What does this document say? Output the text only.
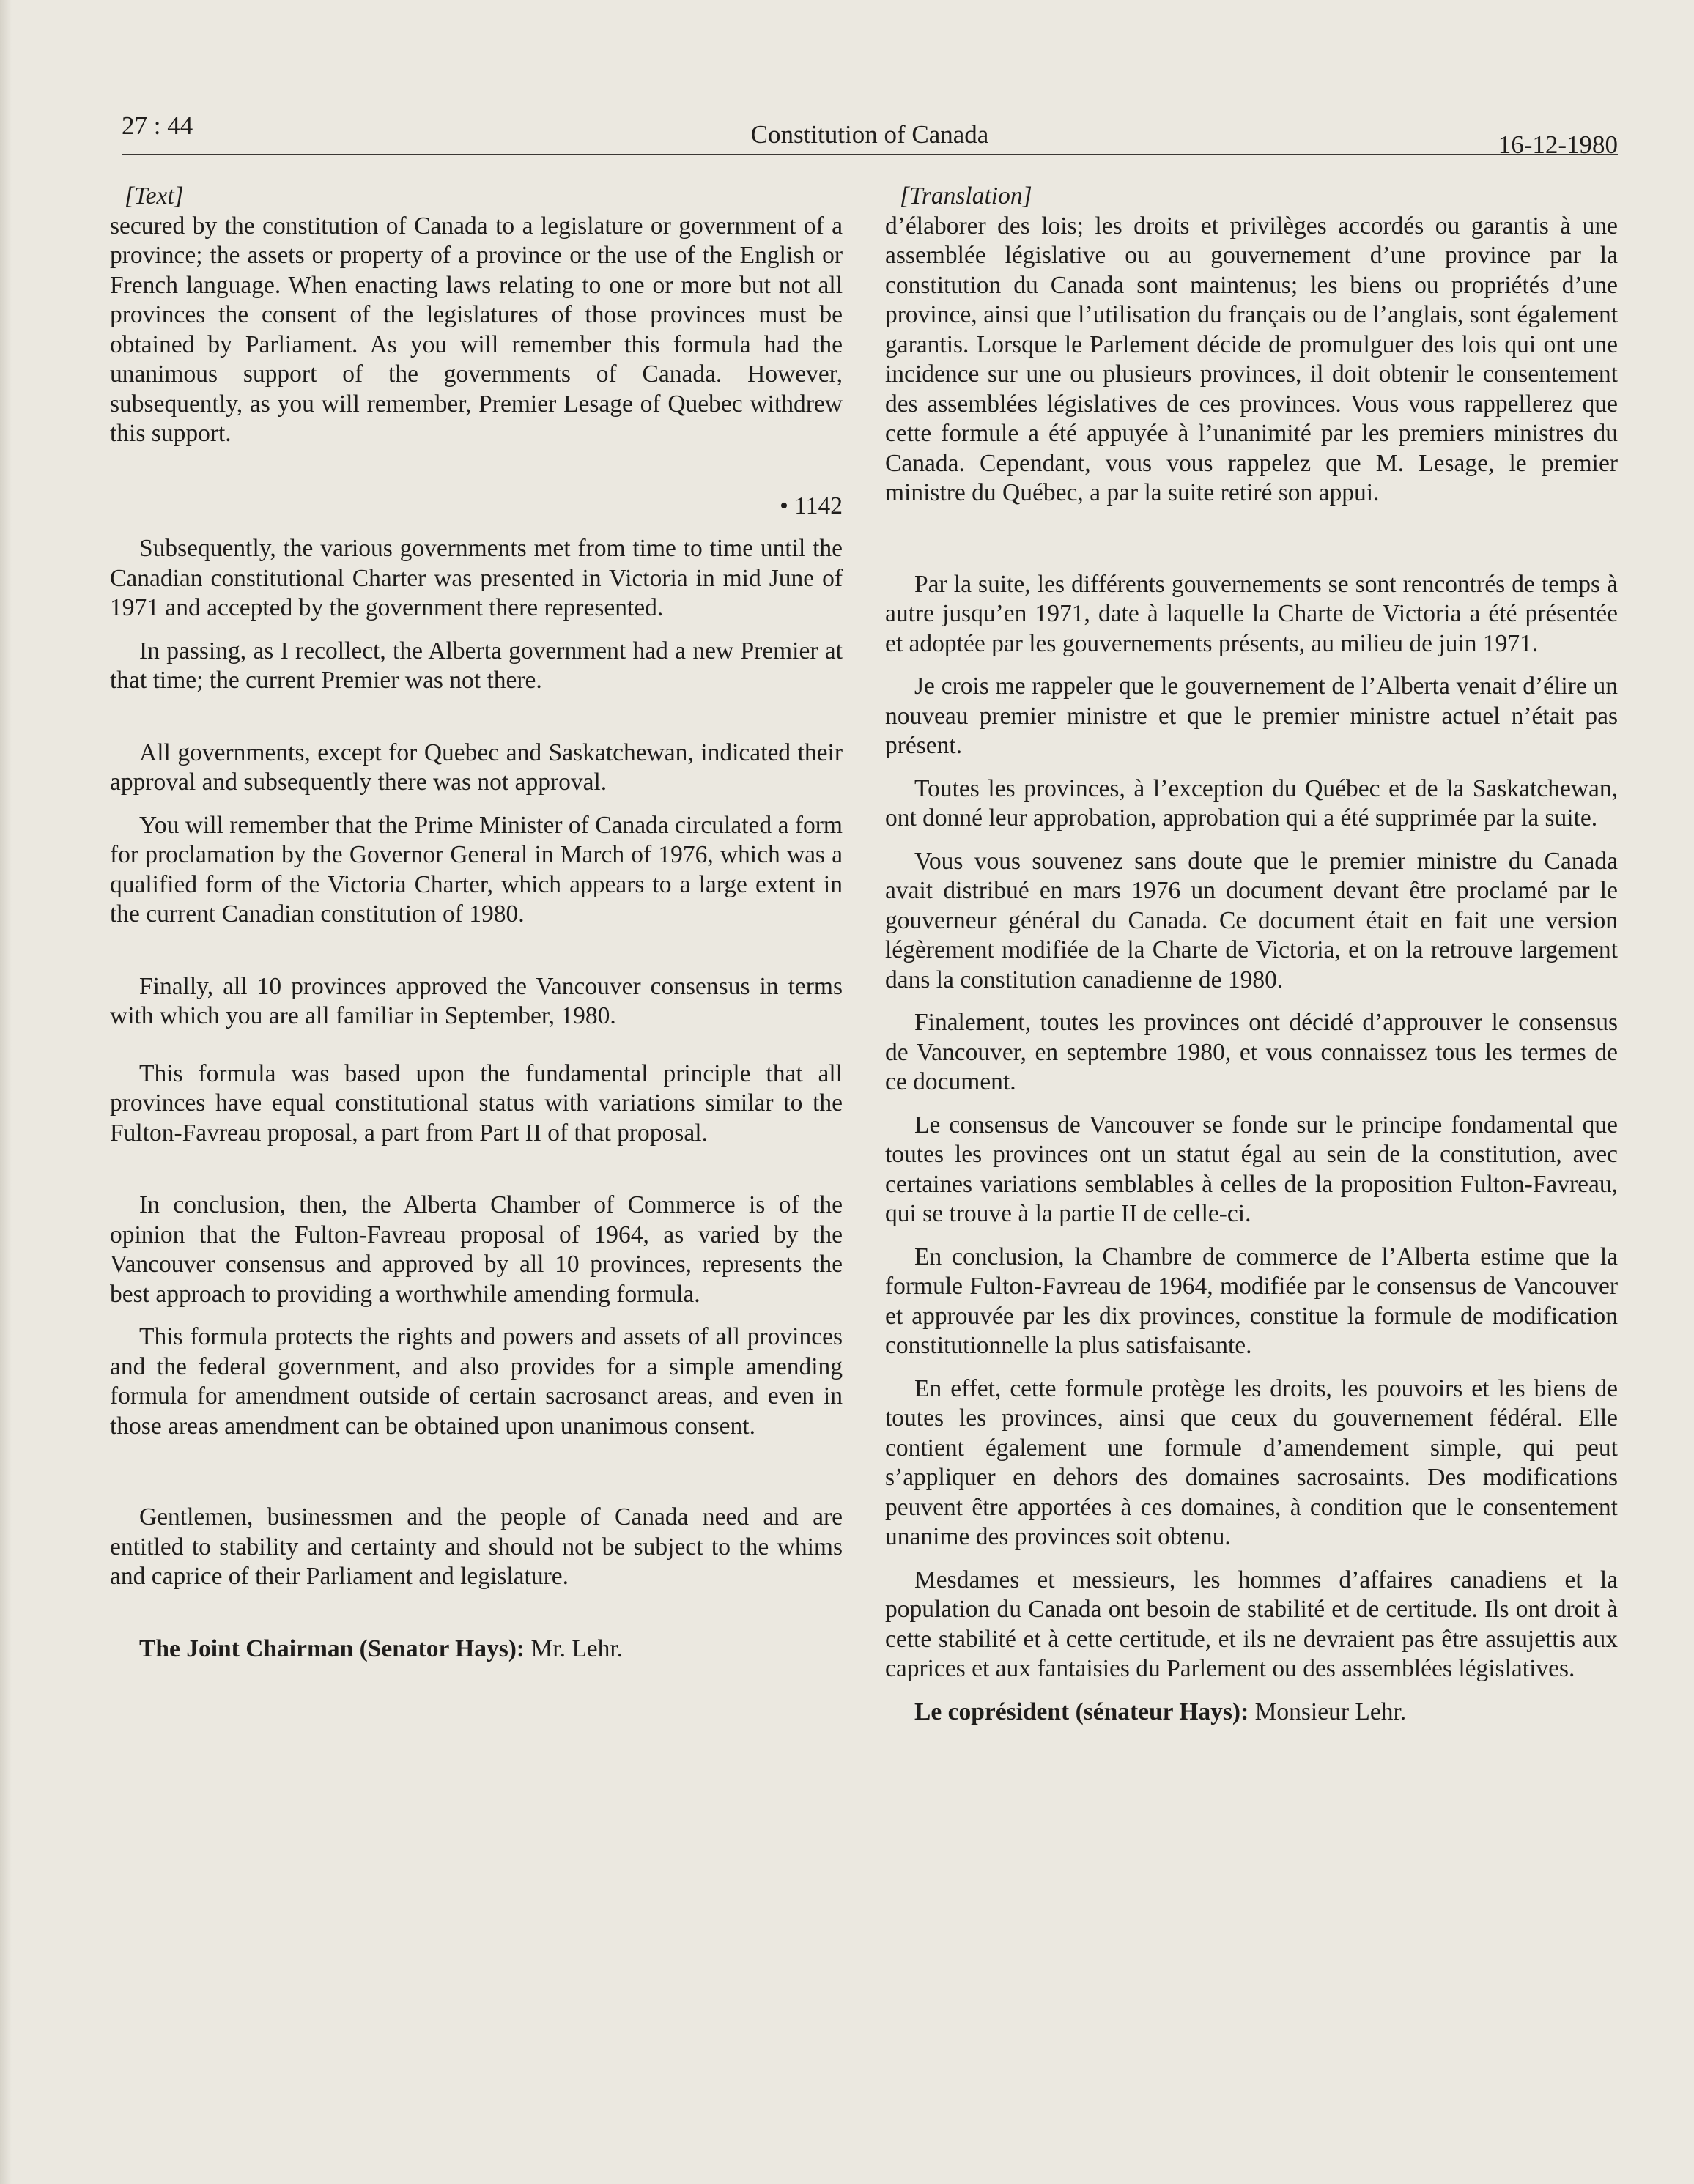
27 : 44	Constitution of Canada	16-12-1980
[Text]

secured by the constitution of Canada to a legislature or government of a province; the assets or property of a province or the use of the English or French language. When enacting laws relating to one or more but not all provinces the consent of the legislatures of those provinces must be obtained by Parliament. As you will remember this formula had the unanimous support of the governments of Canada. However, subsequently, as you will remember, Premier Lesage of Quebec withdrew this support.

• 1142

Subsequently, the various governments met from time to time until the Canadian constitutional Charter was presented in Victoria in mid June of 1971 and accepted by the government there represented.

In passing, as I recollect, the Alberta government had a new Premier at that time; the current Premier was not there.

All governments, except for Quebec and Saskatchewan, indicated their approval and subsequently there was not approval.

You will remember that the Prime Minister of Canada circulated a form for proclamation by the Governor General in March of 1976, which was a qualified form of the Victoria Charter, which appears to a large extent in the current Canadian constitution of 1980.

Finally, all 10 provinces approved the Vancouver consensus in terms with which you are all familiar in September, 1980.

This formula was based upon the fundamental principle that all provinces have equal constitutional status with variations similar to the Fulton-Favreau proposal, a part from Part II of that proposal.

In conclusion, then, the Alberta Chamber of Commerce is of the opinion that the Fulton-Favreau proposal of 1964, as varied by the Vancouver consensus and approved by all 10 provinces, represents the best approach to providing a worthwhile amending formula.

This formula protects the rights and powers and assets of all provinces and the federal government, and also provides for a simple amending formula for amendment outside of certain sacrosanct areas, and even in those areas amendment can be obtained upon unanimous consent.

Gentlemen, businessmen and the people of Canada need and are entitled to stability and certainty and should not be subject to the whims and caprice of their Parliament and legislature.

The Joint Chairman (Senator Hays): Mr. Lehr.

[Translation]

d’élaborer des lois; les droits et privilèges accordés ou garantis à une assemblée législative ou au gouvernement d’une province par la constitution du Canada sont maintenus; les biens ou propriétés d’une province, ainsi que l’utilisation du français ou de l’anglais, sont également garantis. Lorsque le Parlement décide de promulguer des lois qui ont une incidence sur une ou plusieurs provinces, il doit obtenir le consentement des assemblées législatives de ces provinces. Vous vous rappellerez que cette formule a été appuyée à l’unanimité par les premiers ministres du Canada. Cependant, vous vous rappelez que M. Lesage, le premier ministre du Québec, a par la suite retiré son appui.

Par la suite, les différents gouvernements se sont rencontrés de temps à autre jusqu’en 1971, date à laquelle la Charte de Victoria a été présentée et adoptée par les gouvernements présents, au milieu de juin 1971.

Je crois me rappeler que le gouvernement de l’Alberta venait d’élire un nouveau premier ministre et que le premier ministre actuel n’était pas présent.

Toutes les provinces, à l’exception du Québec et de la Saskatchewan, ont donné leur approbation, approbation qui a été supprimée par la suite.

Vous vous souvenez sans doute que le premier ministre du Canada avait distribué en mars 1976 un document devant être proclamé par le gouverneur général du Canada. Ce document était en fait une version légèrement modifiée de la Charte de Victoria, et on la retrouve largement dans la constitution canadienne de 1980.

Finalement, toutes les provinces ont décidé d’approuver le consensus de Vancouver, en septembre 1980, et vous connaissez tous les termes de ce document.

Le consensus de Vancouver se fonde sur le principe fondamental que toutes les provinces ont un statut égal au sein de la constitution, avec certaines variations semblables à celles de la proposition Fulton-Favreau, qui se trouve à la partie II de celle-ci.

En conclusion, la Chambre de commerce de l’Alberta estime que la formule Fulton-Favreau de 1964, modifiée par le consensus de Vancouver et approuvée par les dix provinces, constitue la formule de modification constitutionnelle la plus satisfaisante.

En effet, cette formule protège les droits, les pouvoirs et les biens de toutes les provinces, ainsi que ceux du gouvernement fédéral. Elle contient également une formule d’amendement simple, qui peut s’appliquer en dehors des domaines sacrosaints. Des modifications peuvent être apportées à ces domaines, à condition que le consentement unanime des provinces soit obtenu.

Mesdames et messieurs, les hommes d’affaires canadiens et la population du Canada ont besoin de stabilité et de certitude. Ils ont droit à cette stabilité et à cette certitude, et ils ne devraient pas être assujettis aux caprices et aux fantaisies du Parlement ou des assemblées législatives.

Le coprésident (sénateur Hays): Monsieur Lehr.
